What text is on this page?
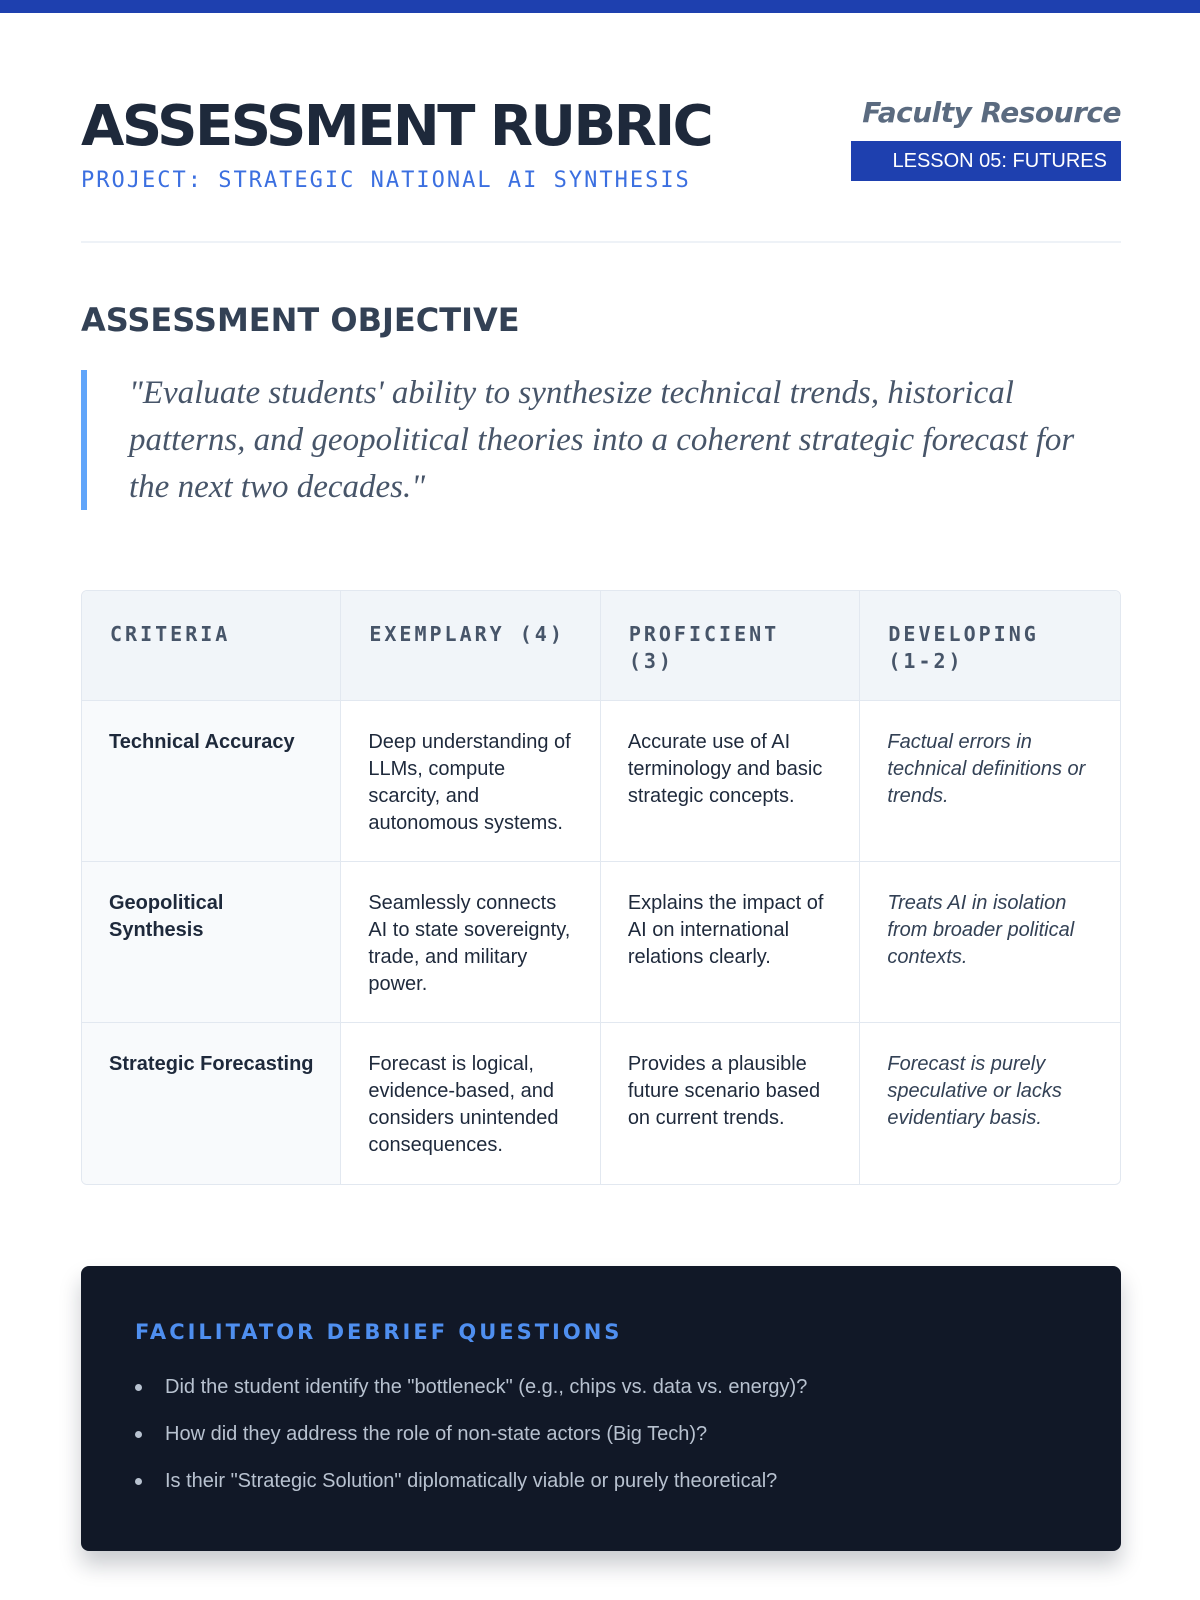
ASSESSMENT RUBRIC
PROJECT: STRATEGIC NATIONAL AI SYNTHESIS
Faculty Resource
LESSON 05: FUTURES
ASSESSMENT OBJECTIVE

"Evaluate students' ability to synthesize technical trends, historical patterns, and geopolitical theories into a coherent strategic forecast for the next two decades."

CRITERIA	EXEMPLARY (4)	PROFICIENT (3)	DEVELOPING (1-2)
Technical Accuracy	Deep understanding of LLMs, compute scarcity, and autonomous systems.	Accurate use of AI terminology and basic strategic concepts.	Factual errors in technical definitions or trends.
Geopolitical Synthesis	Seamlessly connects AI to state sovereignty, trade, and military power.	Explains the impact of AI on international relations clearly.	Treats AI in isolation from broader political contexts.
Strategic Forecasting	Forecast is logical, evidence-based, and considers unintended consequences.	Provides a plausible future scenario based on current trends.	Forecast is purely speculative or lacks evidentiary basis.
FACILITATOR DEBRIEF QUESTIONS
Did the student identify the "bottleneck" (e.g., chips vs. data vs. energy)?
How did they address the role of non-state actors (Big Tech)?
Is their "Strategic Solution" diplomatically viable or purely theoretical?
